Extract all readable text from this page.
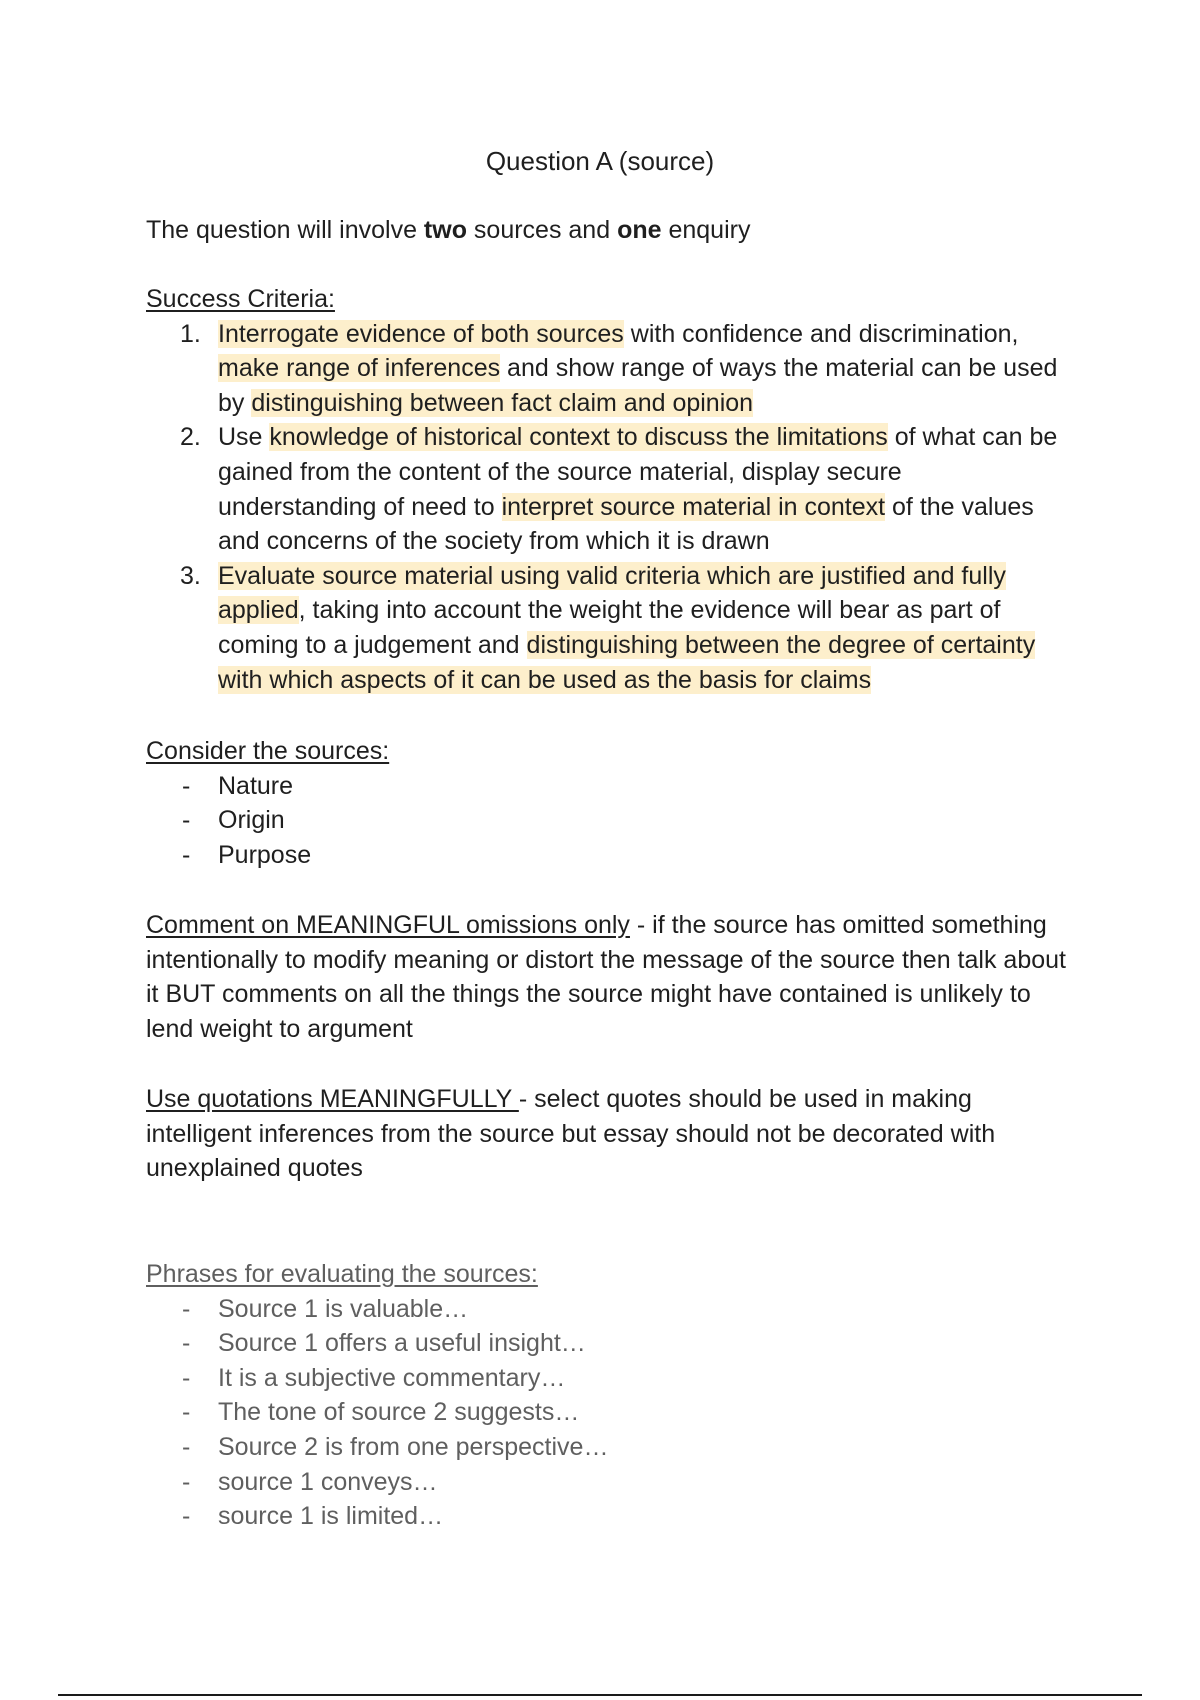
Question A (source)
The question will involve two sources and one enquiry
Success Criteria:
1. Interrogate evidence of both sources with confidence and discrimination, make range of inferences and show range of ways the material can be used by distinguishing between fact claim and opinion
2. Use knowledge of historical context to discuss the limitations of what can be gained from the content of the source material, display secure understanding of need to interpret source material in context of the values and concerns of the society from which it is drawn
3. Evaluate source material using valid criteria which are justified and fully applied, taking into account the weight the evidence will bear as part of coming to a judgement and distinguishing between the degree of certainty with which aspects of it can be used as the basis for claims
Consider the sources:
- Nature
- Origin
- Purpose
Comment on MEANINGFUL omissions only - if the source has omitted something intentionally to modify meaning or distort the message of the source then talk about it BUT comments on all the things the source might have contained is unlikely to lend weight to argument
Use quotations MEANINGFULLY - select quotes should be used in making intelligent inferences from the source but essay should not be decorated with unexplained quotes
Phrases for evaluating the sources:
- Source 1 is valuable…
- Source 1 offers a useful insight…
- It is a subjective commentary…
- The tone of source 2 suggests…
- Source 2 is from one perspective…
- source 1 conveys…
- source 1 is limited…
